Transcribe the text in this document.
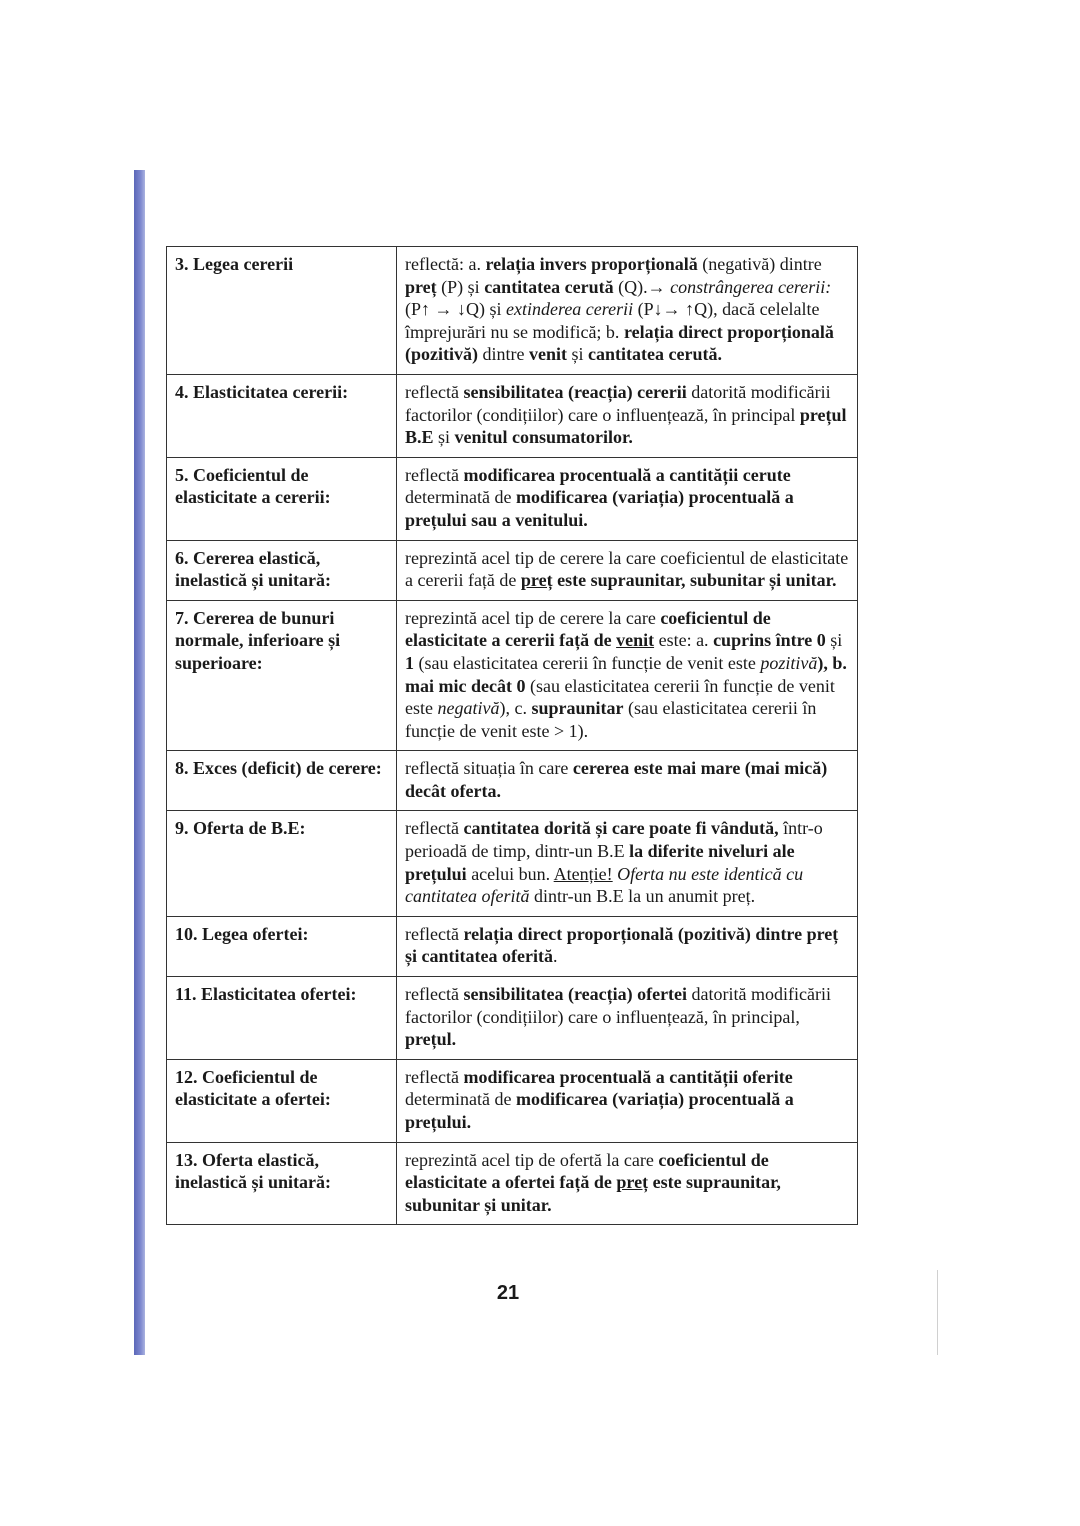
3. Legea cererii	reflectă: a. relația invers proporțională (negativă) dintre preț (P) și cantitatea cerută (Q).→ constrângerea cererii: (P↑ → ↓Q) și extinderea cererii (P↓→ ↑Q), dacă celelalte împrejurări nu se modifică; b. relația direct proporțională (pozitivă) dintre venit și cantitatea cerută.
4. Elasticitatea cererii:	reflectă sensibilitatea (reacția) cererii datorită modificării factorilor (condițiilor) care o influențează, în principal prețul B.E și venitul consumatorilor.
5. Coeficientul de elasticitate a cererii:	reflectă modificarea procentuală a cantității cerute determinată de modificarea (variația) procentuală a prețului sau a venitului.
6. Cererea elastică, inelastică și unitară:	reprezintă acel tip de cerere la care coeficientul de elasticitate a cererii față de preț este supraunitar, subunitar și unitar.
7. Cererea de bunuri normale, inferioare și superioare:	reprezintă acel tip de cerere la care coeficientul de elasticitate a cererii față de venit este: a. cuprins între 0 și 1 (sau elasticitatea cererii în funcție de venit este pozitivă), b. mai mic decât 0 (sau elasticitatea cererii în funcție de venit este negativă), c. supraunitar (sau elasticitatea cererii în funcție de venit este > 1).
8. Exces (deficit) de cerere:	reflectă situația în care cererea este mai mare (mai mică) decât oferta.
9. Oferta de B.E:	reflectă cantitatea dorită și care poate fi vândută, într-o perioadă de timp, dintr-un B.E la diferite niveluri ale prețului acelui bun. Atenție! Oferta nu este identică cu cantitatea oferită dintr-un B.E la un anumit preț.
10. Legea ofertei:	reflectă relația direct proporțională (pozitivă) dintre preț și cantitatea oferită.
11. Elasticitatea ofertei:	reflectă sensibilitatea (reacția) ofertei datorită modificării factorilor (condițiilor) care o influențează, în principal, prețul.
12. Coeficientul de elasticitate a ofertei:	reflectă modificarea procentuală a cantității oferite determinată de modificarea (variația) procentuală a prețului.
13. Oferta elastică, inelastică și unitară:	reprezintă acel tip de ofertă la care coeficientul de elasticitate a ofertei față de preț este supraunitar, subunitar și unitar.
21
